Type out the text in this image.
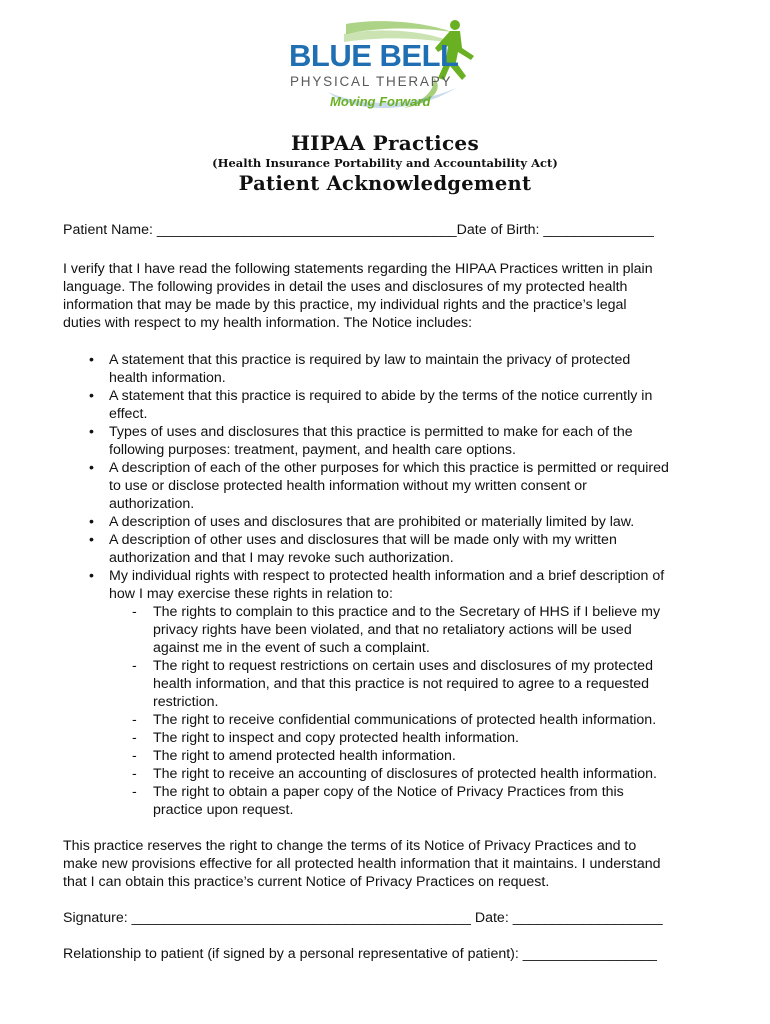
BLUE BELL
PHYSICAL THERAPY
Moving Forward
HIPAA Practices
(Health Insurance Portability and Accountability Act)
Patient Acknowledgement
Patient Name: ______________________________________Date of Birth: ______________
I verify that I have read the following statements regarding the HIPAA Practices written in plain
language. The following provides in detail the uses and disclosures of my protected health
information that may be made by this practice, my individual rights and the practice’s legal
duties with respect to my health information. The Notice includes:
• A statement that this practice is required by law to maintain the privacy of protected
health information.
• A statement that this practice is required to abide by the terms of the notice currently in
effect.
• Types of uses and disclosures that this practice is permitted to make for each of the
following purposes: treatment, payment, and health care options.
• A description of each of the other purposes for which this practice is permitted or required
to use or disclose protected health information without my written consent or
authorization.
• A description of uses and disclosures that are prohibited or materially limited by law.
• A description of other uses and disclosures that will be made only with my written
authorization and that I may revoke such authorization.
• My individual rights with respect to protected health information and a brief description of
how I may exercise these rights in relation to:
- The rights to complain to this practice and to the Secretary of HHS if I believe my
privacy rights have been violated, and that no retaliatory actions will be used
against me in the event of such a complaint.
- The right to request restrictions on certain uses and disclosures of my protected
health information, and that this practice is not required to agree to a requested
restriction.
- The right to receive confidential communications of protected health information.
- The right to inspect and copy protected health information.
- The right to amend protected health information.
- The right to receive an accounting of disclosures of protected health information.
- The right to obtain a paper copy of the Notice of Privacy Practices from this
practice upon request.
This practice reserves the right to change the terms of its Notice of Privacy Practices and to
make new provisions effective for all protected health information that it maintains. I understand
that I can obtain this practice’s current Notice of Privacy Practices on request.
Signature: ___________________________________________ Date: ___________________
Relationship to patient (if signed by a personal representative of patient): _________________
